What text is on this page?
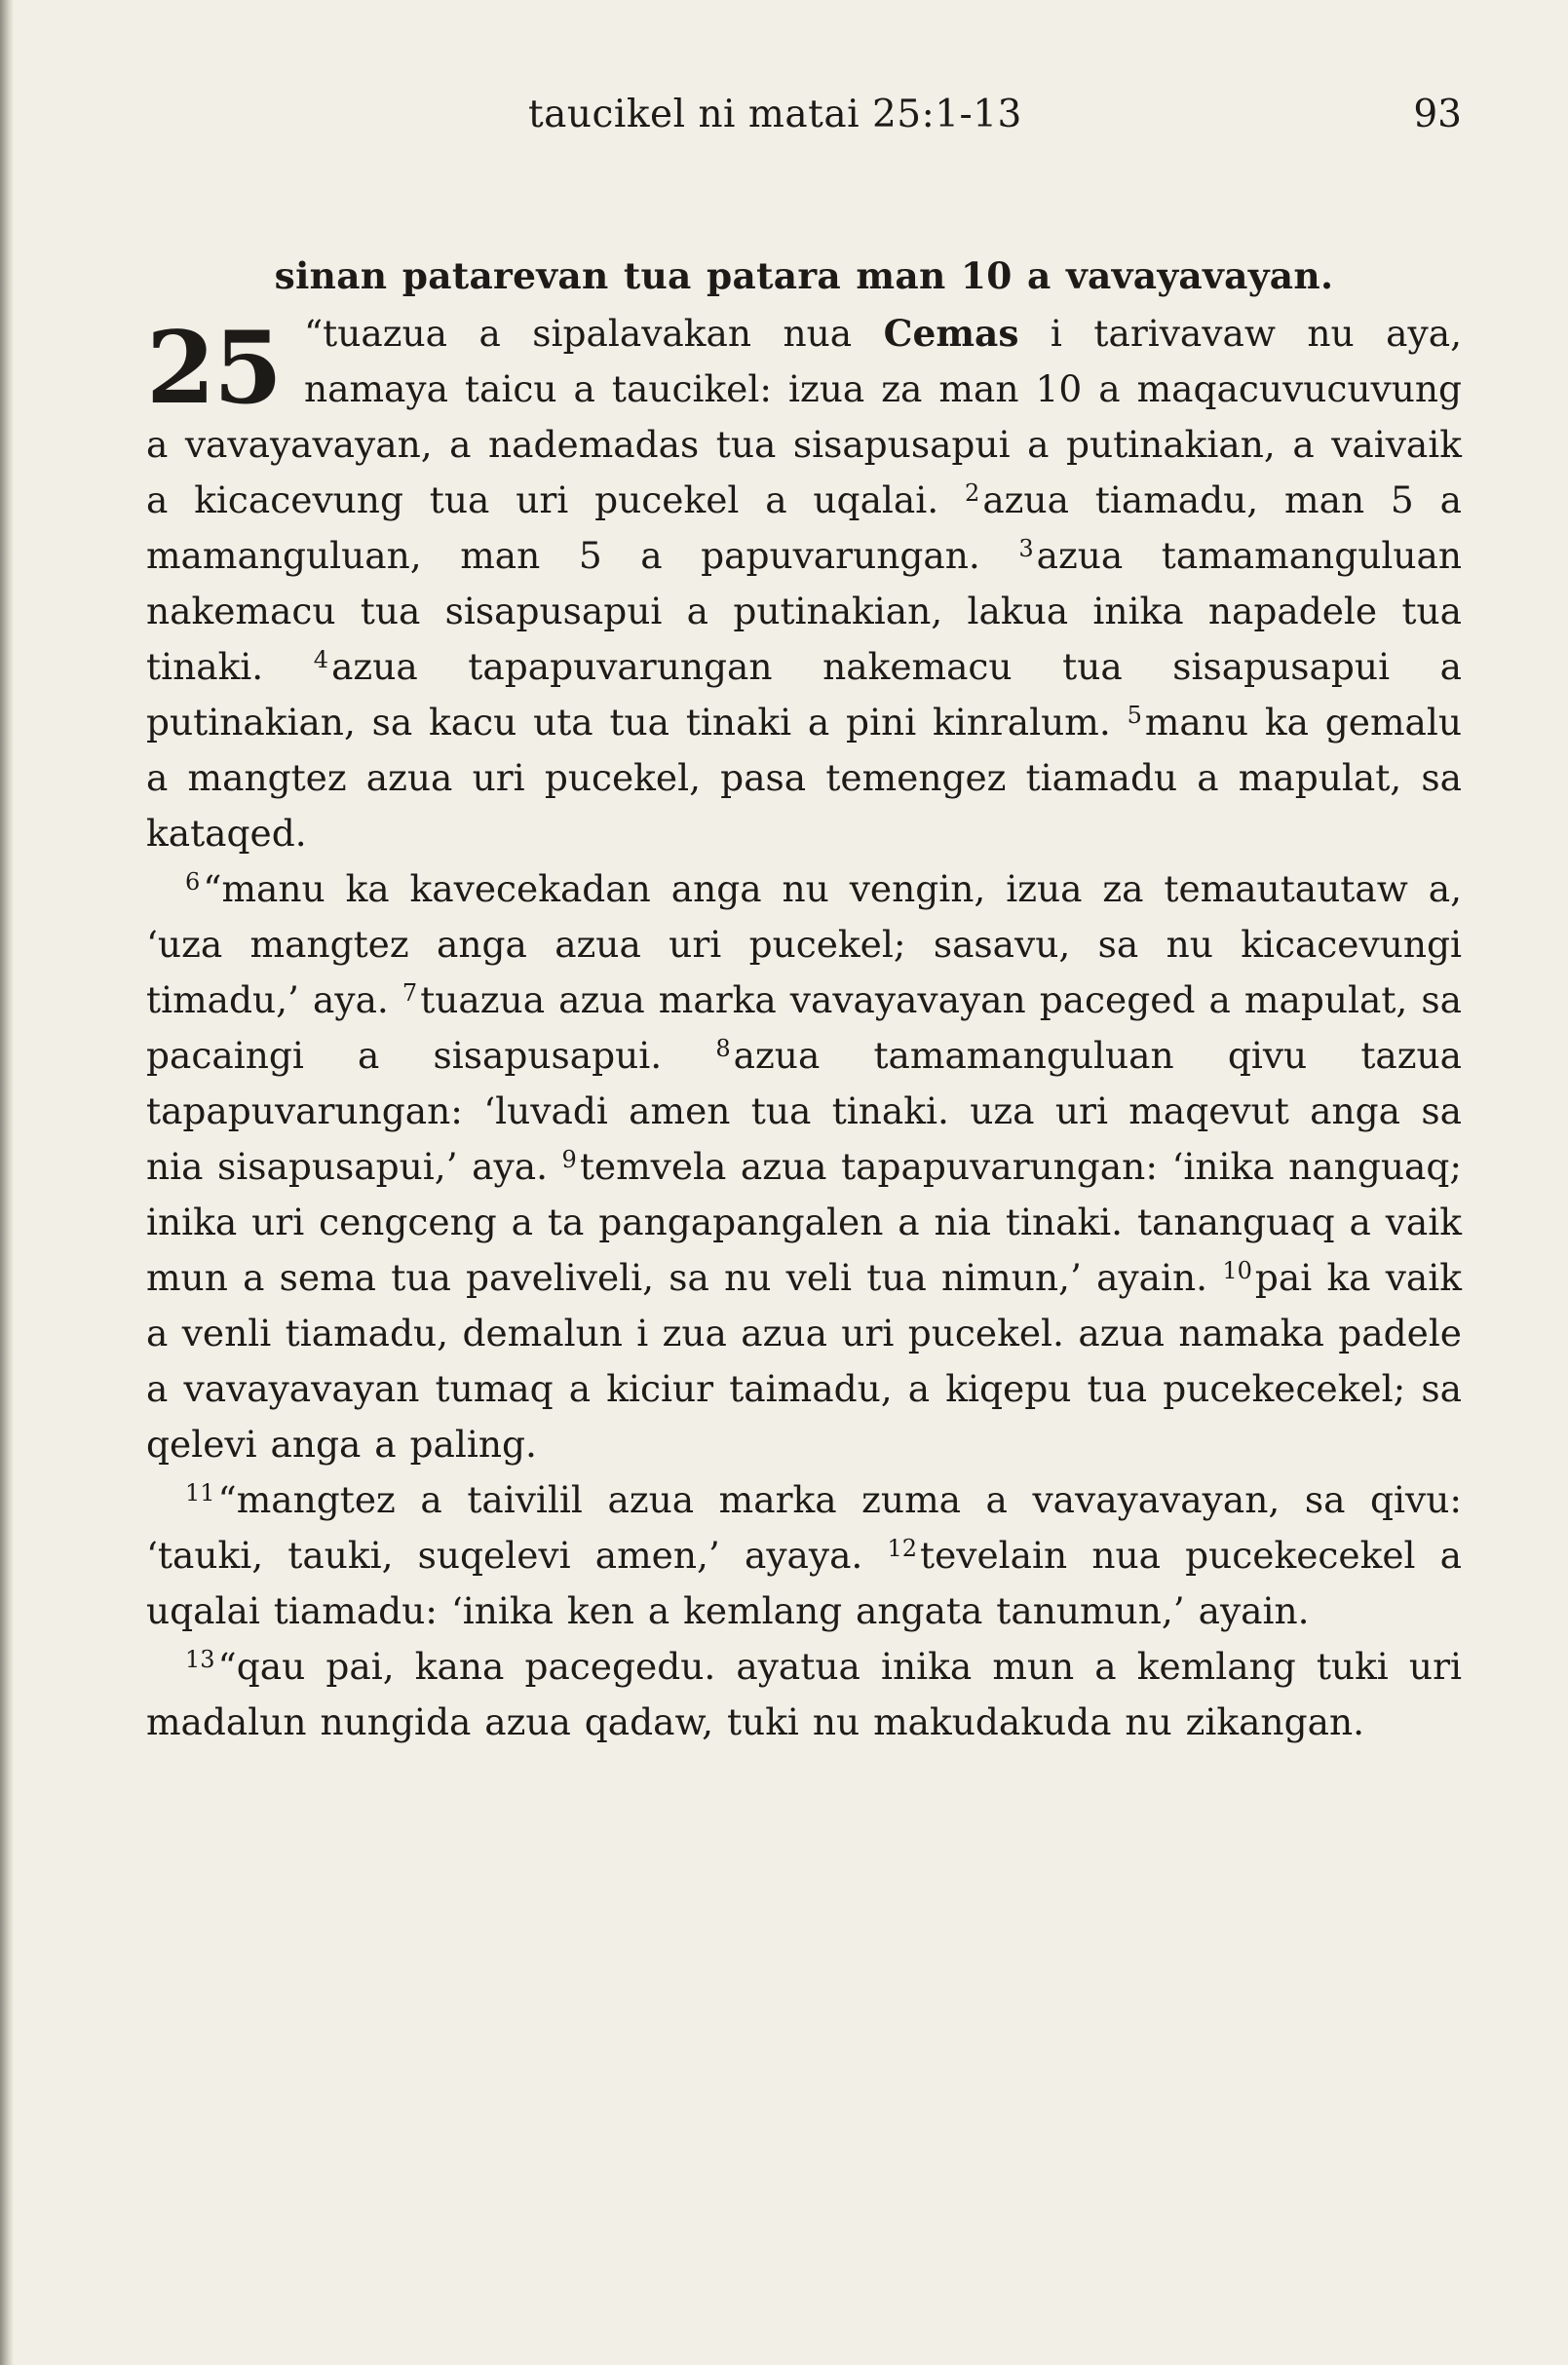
taucikel ni matai 25:1-13	93
sinan patarevan tua patara man 10 a vavayavayan.

25 “tuazua a sipalavakan nua Cemas i tarivavaw nu aya, namaya taicu a taucikel: izua za man 10 a maqacuvucuvung a vavayavayan, a nademadas tua sisapusapui a putinakian, a vaivaik a kicacevung tua uri pucekel a uqalai. $^2$azua tiamadu, man 5 a mamanguluan, man 5 a papuvarungan. $^3$azua tamamanguluan nakemacu tua sisapusapui a putinakian, lakua inika napadele tua tinaki. $^4$azua tapapuvarungan nakemacu tua sisapusapui a putinakian, sa kacu uta tua tinaki a pini kinralum. $^5$manu ka gemalu a mangtez azua uri pucekel, pasa temengez tiamadu a mapulat, sa kataqed.

$^6$“manu ka kavecekadan anga nu vengin, izua za temautautaw a, ‘uza mangtez anga azua uri pucekel; sasavu, sa nu kicacevungi timadu,’ aya. $^7$tuazua azua marka vavayavayan paceged a mapulat, sa pacaingi a sisapusapui. $^8$azua tamamanguluan qivu tazua tapapuvarungan: ‘luvadi amen tua tinaki. uza uri maqevut anga sa nia sisapusapui,’ aya. $^9$temvela azua tapapuvarungan: ‘inika nanguaq; inika uri cengceng a ta pangapangalen a nia tinaki. tananguaq a vaik mun a sema tua paveliveli, sa nu veli tua nimun,’ ayain. $^{10}$pai ka vaik a venli tiamadu, demalun i zua azua uri pucekel. azua namaka padele a vavayavayan tumaq a kiciur taimadu, a kiqepu tua pucekecekel; sa qelevi anga a paling.

$^{11}$“mangtez a taivilil azua marka zuma a vavayavayan, sa qivu: ‘tauki, tauki, suqelevi amen,’ ayaya. $^{12}$tevelain nua pucekecekel a uqalai tiamadu: ‘inika ken a kemlang angata tanumun,’ ayain.

$^{13}$“qau pai, kana pacegedu. ayatua inika mun a kemlang tuki uri madalun nungida azua qadaw, tuki nu makudakuda nu zikangan.
